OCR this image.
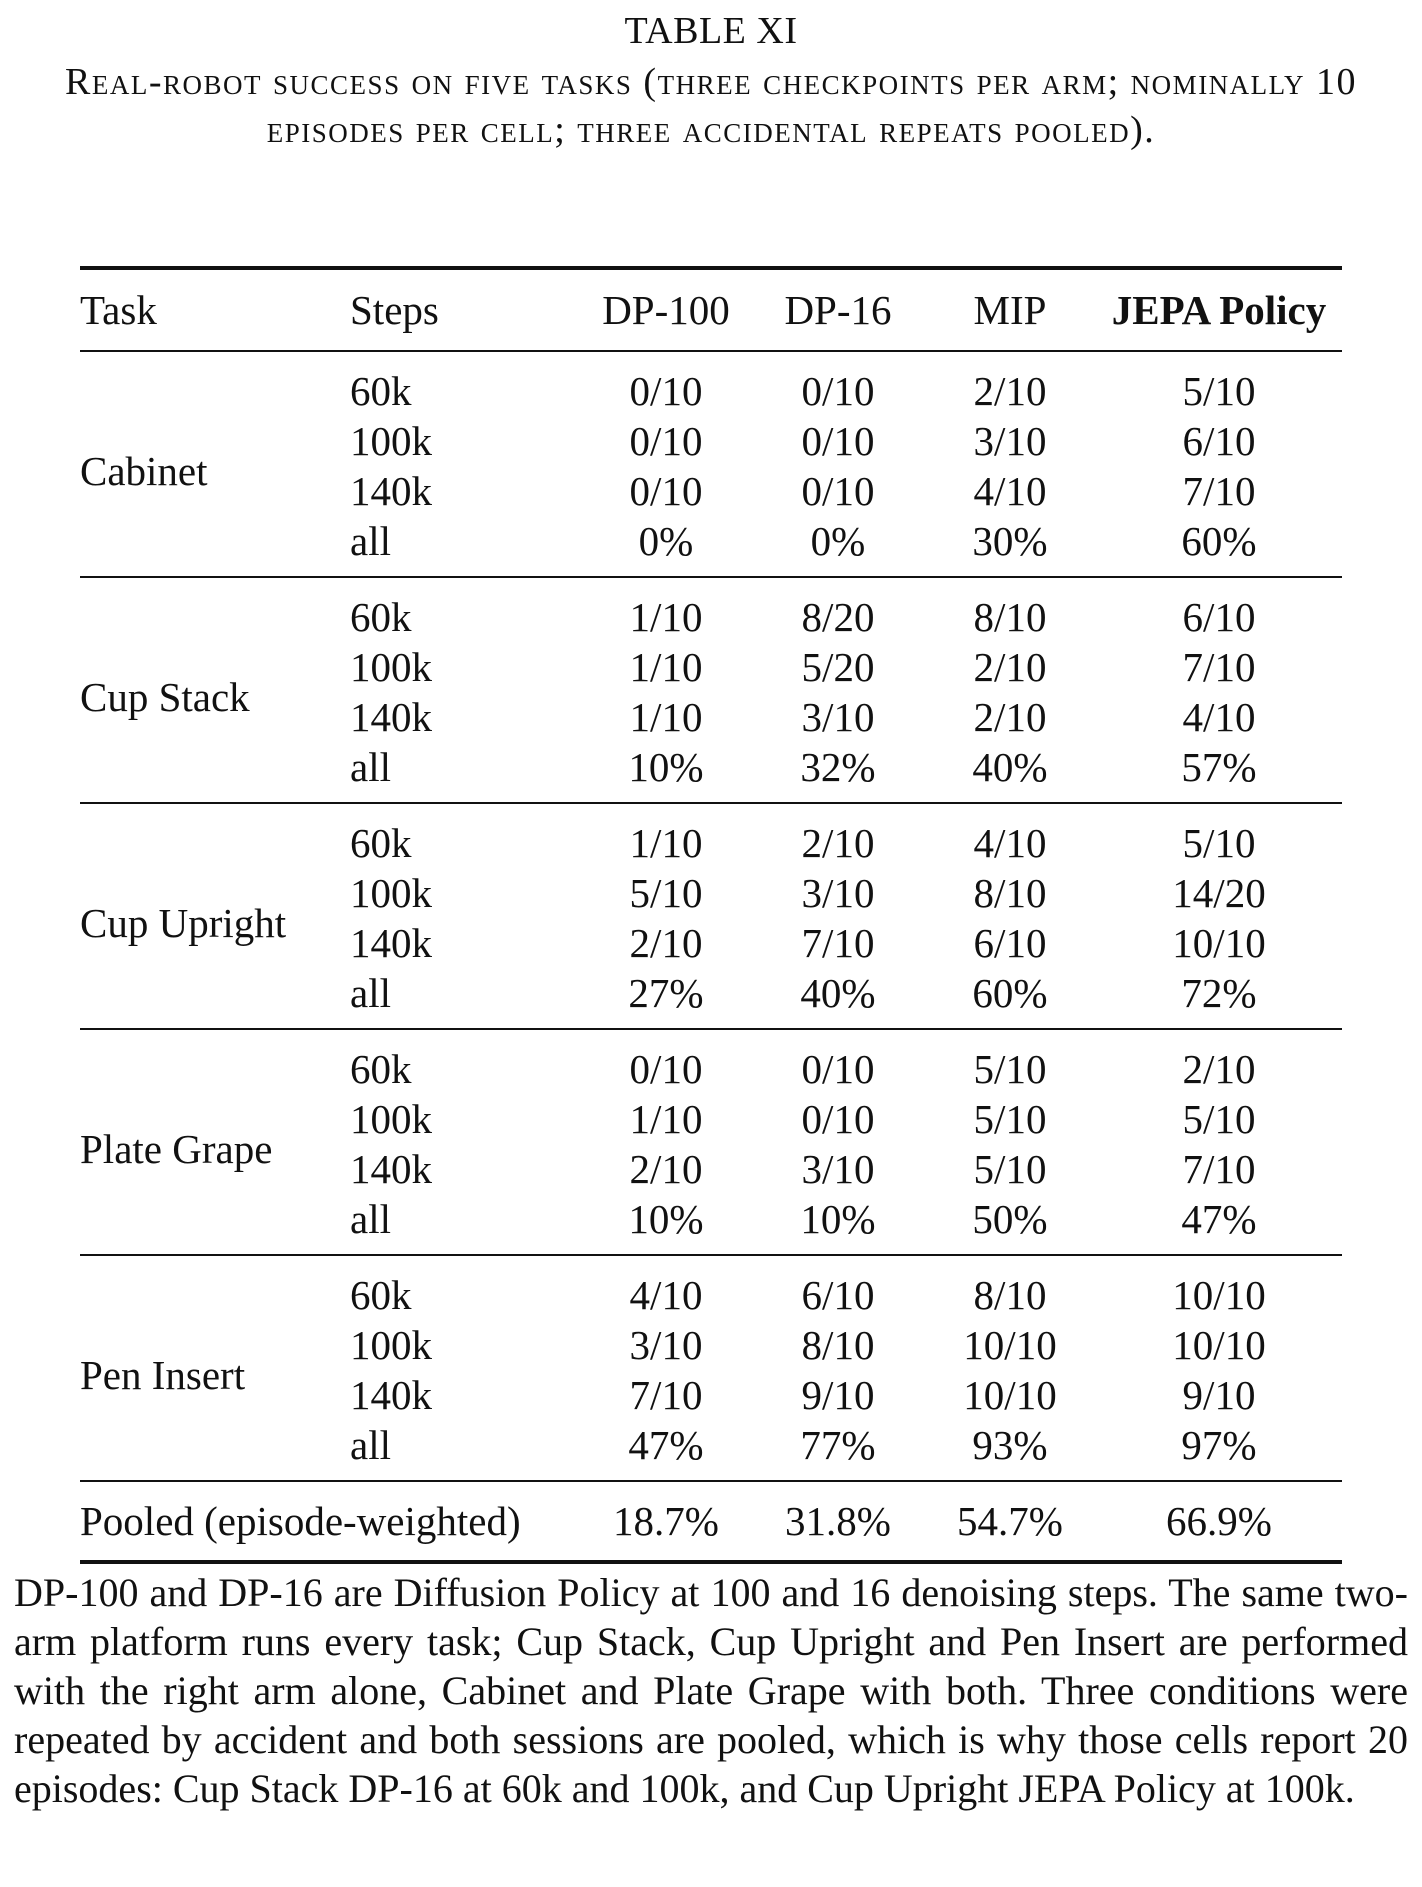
TABLE XI
Real-robot success on five tasks (three checkpoints per arm; nominally 10 episodes per cell; three accidental repeats pooled).
Task	Steps	DP-100	DP-16	MIP	JEPA Policy
Cabinet	60k	0/10	0/10	2/10	5/10
	100k	0/10	0/10	3/10	6/10
	140k	0/10	0/10	4/10	7/10
	all	0%	0%	30%	60%
Cup Stack	60k	1/10	8/20	8/10	6/10
	100k	1/10	5/20	2/10	7/10
	140k	1/10	3/10	2/10	4/10
	all	10%	32%	40%	57%
Cup Upright	60k	1/10	2/10	4/10	5/10
	100k	5/10	3/10	8/10	14/20
	140k	2/10	7/10	6/10	10/10
	all	27%	40%	60%	72%
Plate Grape	60k	0/10	0/10	5/10	2/10
	100k	1/10	0/10	5/10	5/10
	140k	2/10	3/10	5/10	7/10
	all	10%	10%	50%	47%
Pen Insert	60k	4/10	6/10	8/10	10/10
	100k	3/10	8/10	10/10	10/10
	140k	7/10	9/10	10/10	9/10
	all	47%	77%	93%	97%
Pooled (episode-weighted)		18.7%	31.8%	54.7%	66.9%

DP-100 and DP-16 are Diffusion Policy at 100 and 16 denoising steps. The same two-arm platform runs every task; Cup Stack, Cup Upright and Pen Insert are performed with the right arm alone, Cabinet and Plate Grape with both. Three conditions were repeated by accident and both sessions are pooled, which is why those cells report 20 episodes: Cup Stack DP-16 at 60k and 100k, and Cup Upright JEPA Policy at 100k.
